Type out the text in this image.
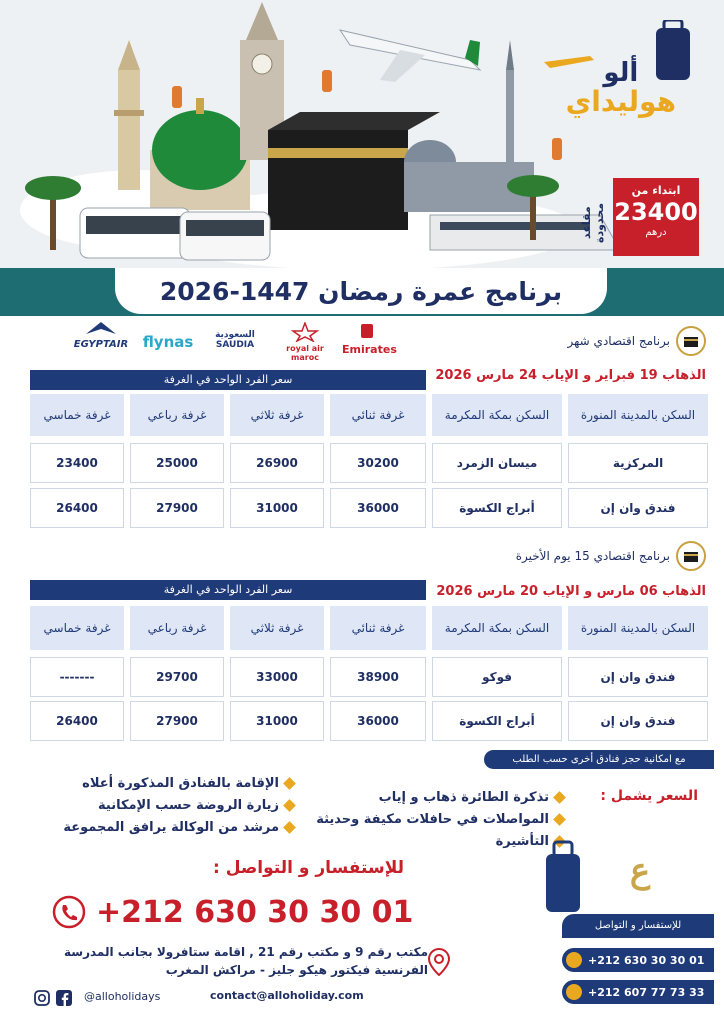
ألو
هوليداي
مقاعد محدودة
ابتداء من
23400
درهم
برنامج عمرة رمضان 1447-2026
EGYPTAIR flynas	السعودية SAUDIA	royal air maroc
Emirates
برنامج اقتصادي شهر
الذهاب 19 فبراير و الإياب 24 مارس 2026
سعر الفرد الواحد في الغرفة
غرفة خماسي	غرفة رباعي	غرفة ثلاثي	غرفة ثنائي	السكن بمكة المكرمة	السكن بالمدينة المنورة
23400	25000	26900	30200	ميسان الزمرد	المركزية
26400	27900	31000	36000	أبراج الكسوة	فندق وان إن
برنامج اقتصادي 15 يوم الأخيرة
الذهاب 06 مارس و الإياب 20 مارس 2026
سعر الفرد الواحد في الغرفة
غرفة خماسي	غرفة رباعي	غرفة ثلاثي	غرفة ثنائي	السكن بمكة المكرمة	السكن بالمدينة المنورة
-------	29700	33000	38900	فوكو	فندق وان إن
26400	27900	31000	36000	أبراج الكسوة	فندق وان إن
مع امكانية حجز فنادق أخرى حسب الطلب
السعر يشمل :
تذكرة الطائرة ذهاب و إياب
المواصلات في حافلات مكيفة وحديثة
التأشيرة
الإقامة بالفنادق المذكورة أعلاه
زيارة الروضة حسب الإمكانية
مرشد من الوكالة يرافق المجموعة
للإستفسار و التواصل :
+212 630 30 30 01
مكتب رقم 9 و مكتب رقم 21 , اقامة ستافرولا بجانب المدرسة
الفرنسية فيكتور هيكو جليز - مراكش المغرب
ع
للإستفسار و التواصل
+212 630 30 30 01
+212 607 77 73 33
@alloholidays	contact@alloholiday.com
